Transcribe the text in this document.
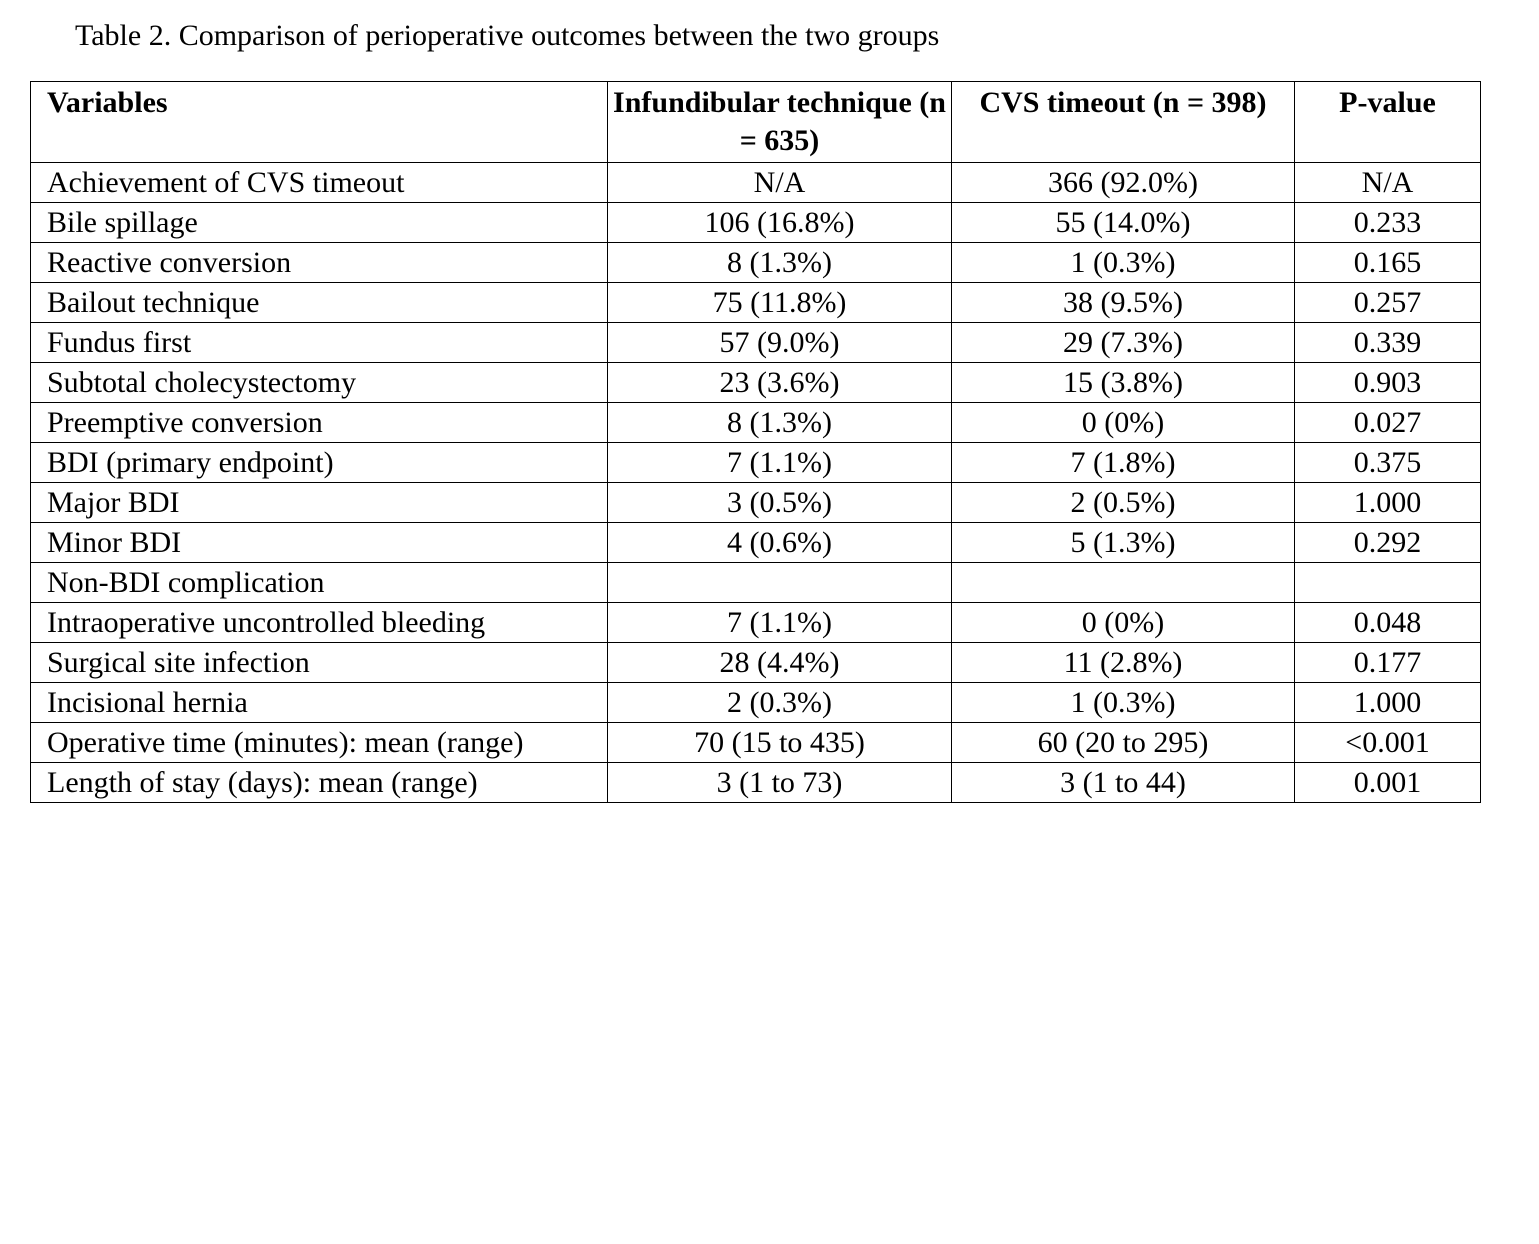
Table 2. Comparison of perioperative outcomes between the two groups
Variables	Infundibular technique (n = 635)	CVS timeout (n = 398)	P-value
Achievement of CVS timeout	N/A	366 (92.0%)	N/A
Bile spillage	106 (16.8%)	55 (14.0%)	0.233
Reactive conversion	8 (1.3%)	1 (0.3%)	0.165
Bailout technique	75 (11.8%)	38 (9.5%)	0.257
Fundus first	57 (9.0%)	29 (7.3%)	0.339
Subtotal cholecystectomy	23 (3.6%)	15 (3.8%)	0.903
Preemptive conversion	8 (1.3%)	0 (0%)	0.027
BDI (primary endpoint)	7 (1.1%)	7 (1.8%)	0.375
Major BDI	3 (0.5%)	2 (0.5%)	1.000
Minor BDI	4 (0.6%)	5 (1.3%)	0.292
Non-BDI complication			
Intraoperative uncontrolled bleeding	7 (1.1%)	0 (0%)	0.048
Surgical site infection	28 (4.4%)	11 (2.8%)	0.177
Incisional hernia	2 (0.3%)	1 (0.3%)	1.000
Operative time (minutes): mean (range)	70 (15 to 435)	60 (20 to 295)	<0.001
Length of stay (days): mean (range)	3 (1 to 73)	3 (1 to 44)	0.001
